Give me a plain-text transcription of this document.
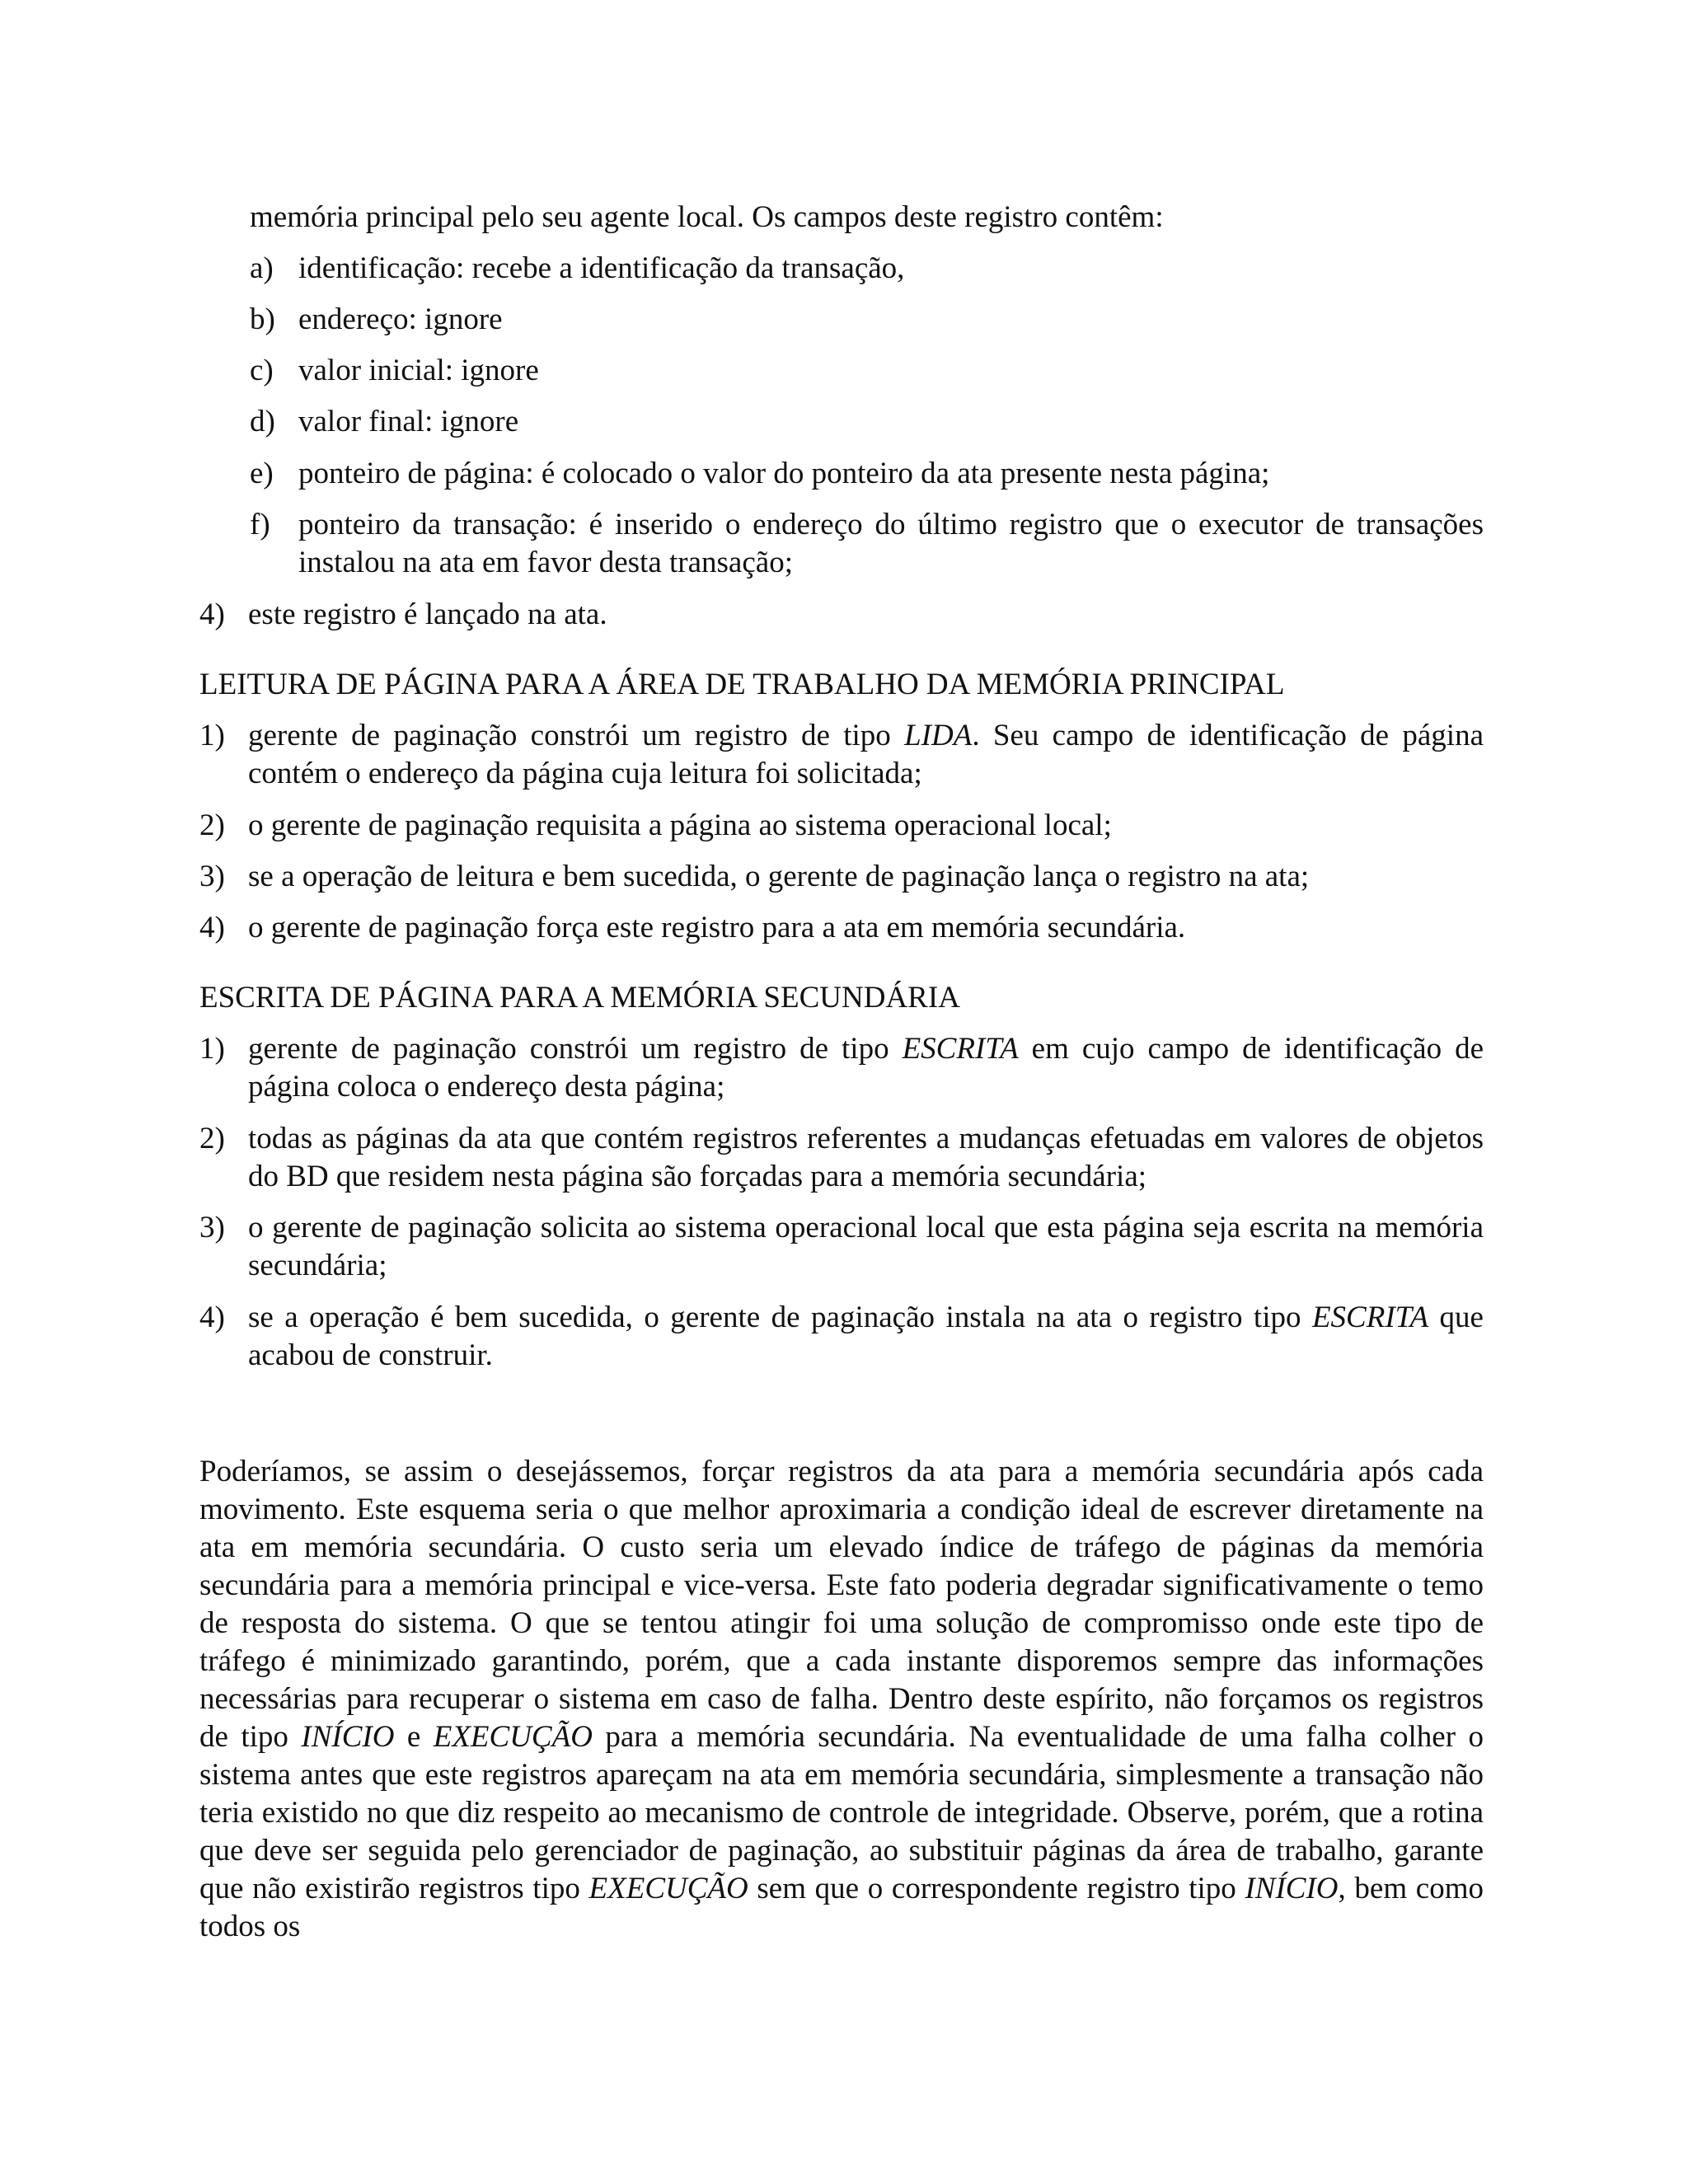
memória principal pelo seu agente local. Os campos deste registro contêm:

a) identificação: recebe a identificação da transação,
b) endereço: ignore
c) valor inicial: ignore
d) valor final: ignore
e) ponteiro de página: é colocado o valor do ponteiro da ata presente nesta página;
f) ponteiro da transação: é inserido o endereço do último registro que o executor de transações instalou na ata em favor desta transação;
4) este registro é lançado na ata.
LEITURA DE PÁGINA PARA A ÁREA DE TRABALHO DA MEMÓRIA PRINCIPAL
1) gerente de paginação constrói um registro de tipo LIDA. Seu campo de identificação de página contém o endereço da página cuja leitura foi solicitada;
2) o gerente de paginação requisita a página ao sistema operacional local;
3) se a operação de leitura e bem sucedida, o gerente de paginação lança o registro na ata;
4) o gerente de paginação força este registro para a ata em memória secundária.
ESCRITA DE PÁGINA PARA A MEMÓRIA SECUNDÁRIA
1) gerente de paginação constrói um registro de tipo ESCRITA em cujo campo de identificação de página coloca o endereço desta página;
2) todas as páginas da ata que contém registros referentes a mudanças efetuadas em valores de objetos do BD que residem nesta página são forçadas para a memória secundária;
3) o gerente de paginação solicita ao sistema operacional local que esta página seja escrita na memória secundária;
4) se a operação é bem sucedida, o gerente de paginação instala na ata o registro tipo ESCRITA que acabou de construir.

Poderíamos, se assim o desejássemos, forçar registros da ata para a memória secundária após cada movimento. Este esquema seria o que melhor aproximaria a condição ideal de escrever diretamente na ata em memória secundária. O custo seria um elevado índice de tráfego de páginas da memória secundária para a memória principal e vice-versa. Este fato poderia degradar significativamente o temo de resposta do sistema. O que se tentou atingir foi uma solução de compromisso onde este tipo de tráfego é minimizado garantindo, porém, que a cada instante disporemos sempre das informações necessárias para recuperar o sistema em caso de falha. Dentro deste espírito, não forçamos os registros de tipo INÍCIO e EXECUÇÃO para a memória secundária. Na eventualidade de uma falha colher o sistema antes que este registros apareçam na ata em memória secundária, simplesmente a transação não teria existido no que diz respeito ao mecanismo de controle de integridade. Observe, porém, que a rotina que deve ser seguida pelo gerenciador de paginação, ao substituir páginas da área de trabalho, garante que não existirão registros tipo EXECUÇÃO sem que o correspondente registro tipo INÍCIO, bem como todos os
